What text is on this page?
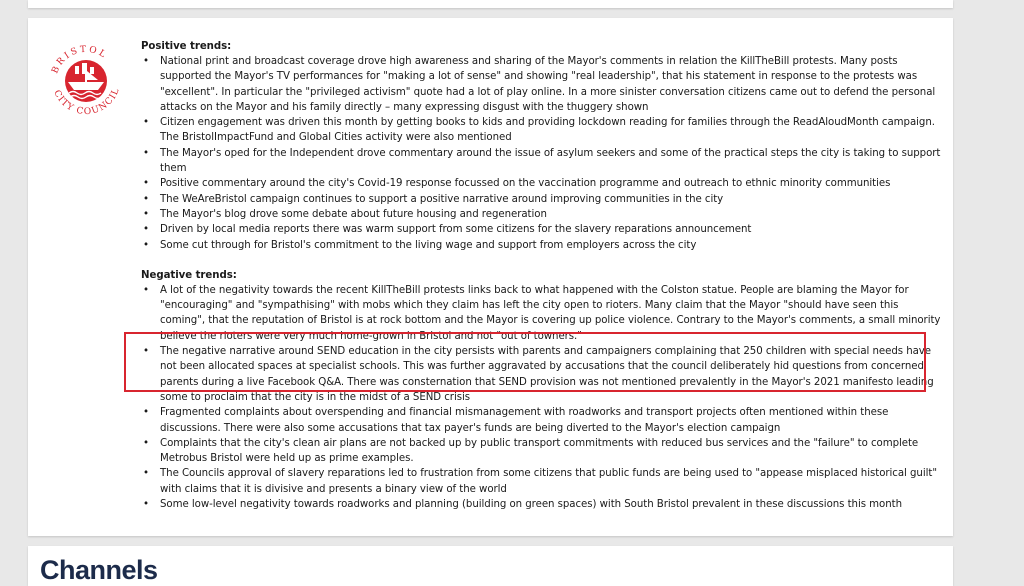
BRISTOL
CITY COUNCIL

Positive trends:

• National print and broadcast coverage drove high awareness and sharing of the Mayor's comments in relation the KillTheBill protests. Many posts supported the Mayor's TV performances for "making a lot of sense" and showing "real leadership", that his statement in response to the protests was "excellent". In particular the "privileged activism" quote had a lot of play online. In a more sinister conversation citizens came out to defend the personal attacks on the Mayor and his family directly – many expressing disgust with the thuggery shown
• Citizen engagement was driven this month by getting books to kids and providing lockdown reading for families through the ReadAloudMonth campaign. The BristolImpactFund and Global Cities activity were also mentioned
• The Mayor's oped for the Independent drove commentary around the issue of asylum seekers and some of the practical steps the city is taking to support them
• Positive commentary around the city's Covid-19 response focussed on the vaccination programme and outreach to ethnic minority communities
• The WeAreBristol campaign continues to support a positive narrative around improving communities in the city
• The Mayor's blog drove some debate about future housing and regeneration
• Driven by local media reports there was warm support from some citizens for the slavery reparations announcement
• Some cut through for Bristol's commitment to the living wage and support from employers across the city

Negative trends:

• A lot of the negativity towards the recent KillTheBill protests links back to what happened with the Colston statue. People are blaming the Mayor for "encouraging" and "sympathising" with mobs which they claim has left the city open to rioters. Many claim that the Mayor "should have seen this coming", that the reputation of Bristol is at rock bottom and the Mayor is covering up police violence. Contrary to the Mayor's comments, a small minority believe the rioters were very much home-grown in Bristol and not "out of towners."
• The negative narrative around SEND education in the city persists with parents and campaigners complaining that 250 children with special needs have not been allocated spaces at specialist schools. This was further aggravated by accusations that the council deliberately hid questions from concerned parents during a live Facebook Q&A. There was consternation that SEND provision was not mentioned prevalently in the Mayor's 2021 manifesto leading some to proclaim that the city is in the midst of a SEND crisis
• Fragmented complaints about overspending and financial mismanagement with roadworks and transport projects often mentioned within these discussions. There were also some accusations that tax payer's funds are being diverted to the Mayor's election campaign
• Complaints that the city's clean air plans are not backed up by public transport commitments with reduced bus services and the "failure" to complete Metrobus Bristol were held up as prime examples.
• The Councils approval of slavery reparations led to frustration from some citizens that public funds are being used to "appease misplaced historical guilt" with claims that it is divisive and presents a binary view of the world
• Some low-level negativity towards roadworks and planning (building on green spaces) with South Bristol prevalent in these discussions this month
Channels
